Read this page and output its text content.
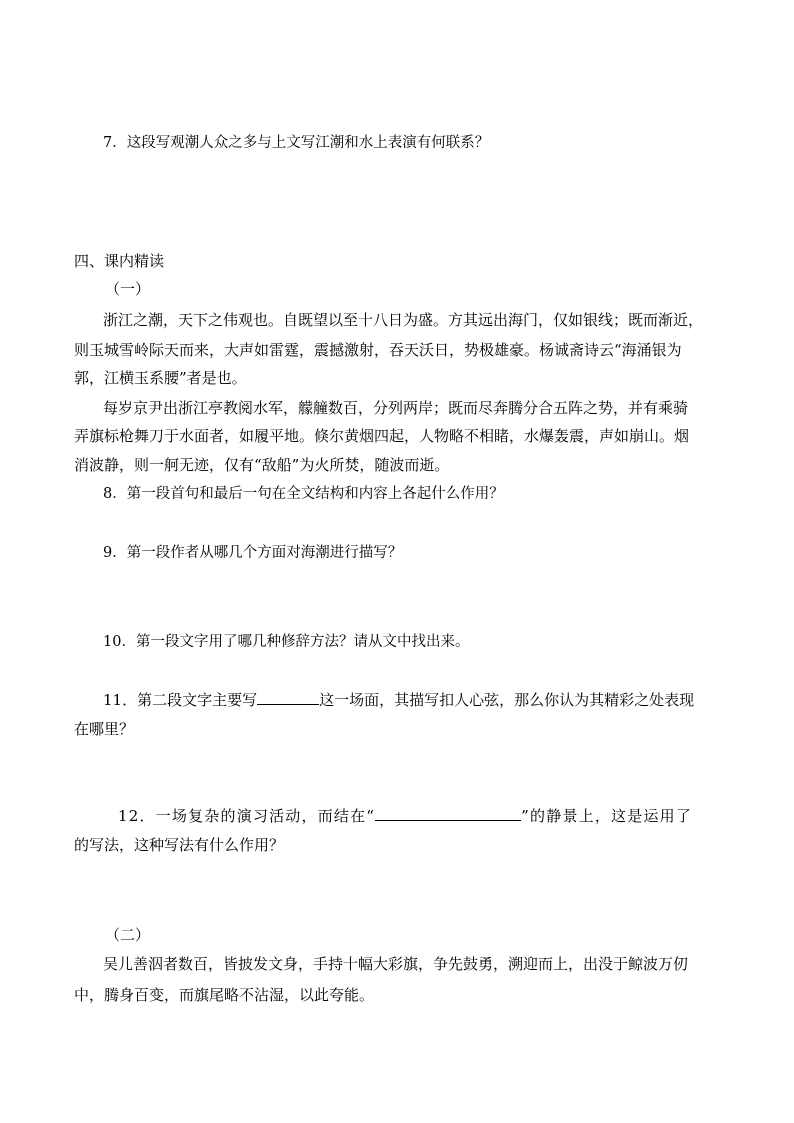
7．这段写观潮人众之多与上文写江潮和水上表演有何联系？
四、课内精读
（一）
浙江之潮，天下之伟观也。自既望以至十八日为盛。方其远出海门，仅如银线；既而渐近，
则玉城雪岭际天而来，大声如雷霆，震撼激射，吞天沃日，势极雄豪。杨诚斋诗云“海涌银为
郭，江横玉系腰”者是也。
每岁京尹出浙江亭教阅水军，艨艟数百，分列两岸；既而尽奔腾分合五阵之势，并有乘骑
弄旗标枪舞刀于水面者，如履平地。倏尔黄烟四起，人物略不相睹，水爆轰震，声如崩山。烟
消波静，则一舸无迹，仅有“敌船”为火所焚，随波而逝。
8．第一段首句和最后一句在全文结构和内容上各起什么作用？
9．第一段作者从哪几个方面对海潮进行描写？
10．第一段文字用了哪几种修辞方法？请从文中找出来。
11．第二段文字主要写	这一场面，其描写扣人心弦，那么你认为其精彩之处表现
在哪里？
12．一场复杂的演习活动，而结在“	”的静景上，这是运用了
的写法，这种写法有什么作用？
（二）
吴儿善泅者数百，皆披发文身，手持十幅大彩旗，争先鼓勇，溯迎而上，出没于鲸波万仞
中，腾身百变，而旗尾略不沾湿，以此夸能。
